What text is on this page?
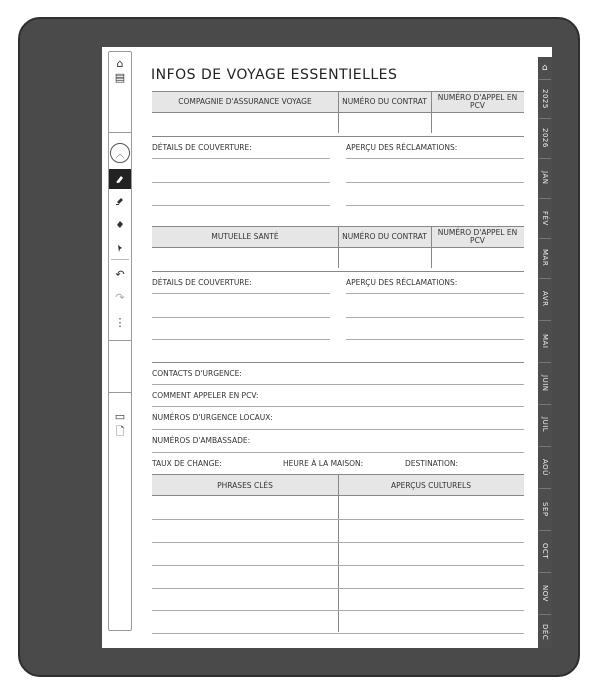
⌂
▤
︿
↶
↷
⋮
▭
🗋
INFOS DE VOYAGE ESSENTIELLES
COMPAGNIE D'ASSURANCE VOYAGE	NUMÉRO DU CONTRAT	NUMÉRO D'APPEL EN PCV
DÉTAILS DE COUVERTURE:	APERÇU DES RÉCLAMATIONS:
MUTUELLE SANTÉ	NUMÉRO DU CONTRAT	NUMÉRO D'APPEL EN PCV
DÉTAILS DE COUVERTURE:	APERÇU DES RÉCLAMATIONS:
CONTACTS D'URGENCE:
COMMENT APPELER EN PCV:
NUMÉROS D'URGENCE LOCAUX:
NUMÉROS D'AMBASSADE:
TAUX DE CHANGE:	HEURE À LA MAISON:	DESTINATION:
PHRASES CLÉS	APERÇUS CULTURELS
⌂
2025
2026
JAN
FÉV
MAR
AVR
MAI
JUIN
JUIL
AOÛ
SEP
OCT
NOV
DÉC
